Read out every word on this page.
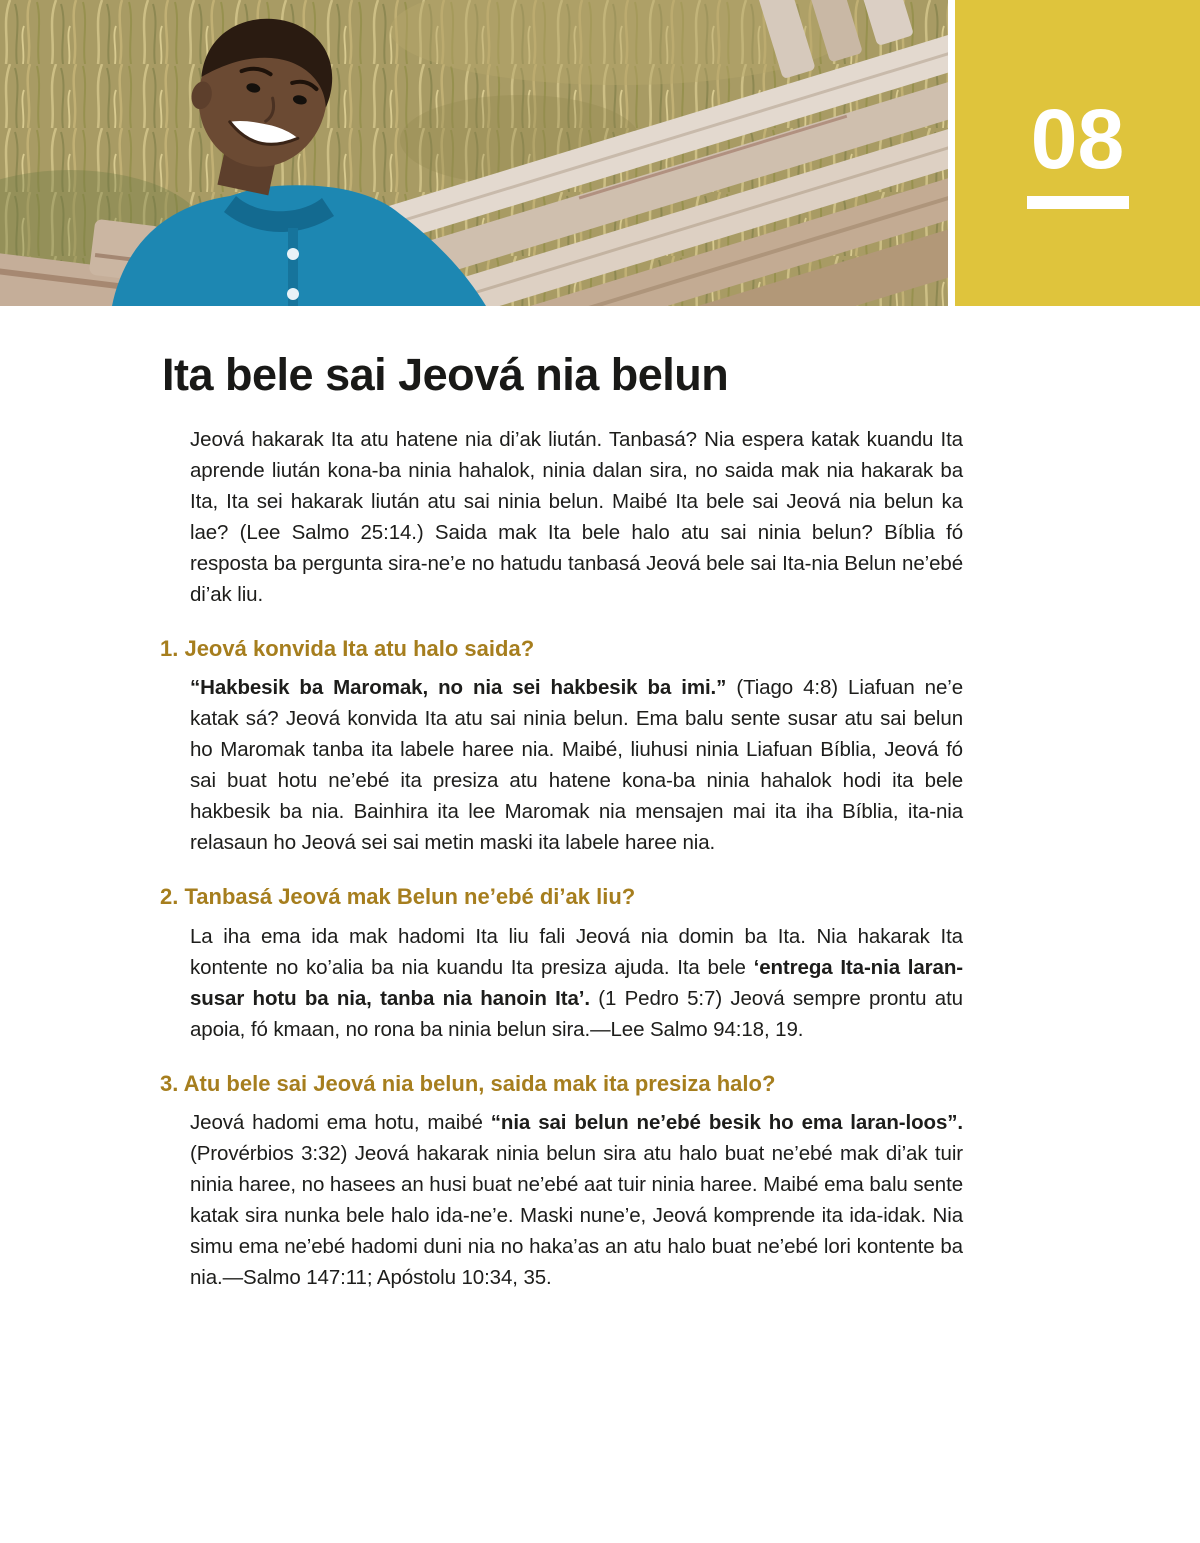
08
Ita bele sai Jeová nia belun

Jeová hakarak Ita atu hatene nia di’ak liután. Tanbasá? Nia espera katak kuandu Ita aprende liután kona-ba ninia hahalok, ninia dalan sira, no saida mak nia hakarak ba Ita, Ita sei hakarak liután atu sai ninia belun. Maibé Ita bele sai Jeová nia belun ka lae? (Lee Salmo 25:14.) Saida mak Ita bele halo atu sai ninia belun? Bíblia fó resposta ba pergunta sira-ne’e no hatudu tanbasá Jeová bele sai Ita-nia Belun ne’ebé di’ak liu.

1. Jeová konvida Ita atu halo saida?

“Hakbesik ba Maromak, no nia sei hakbesik ba imi.” (Tiago 4:8) Liafuan ne’e katak sá? Jeová konvida Ita atu sai ninia belun. Ema balu sente susar atu sai belun ho Maromak tanba ita labele haree nia. Maibé, liuhusi ninia Liafuan Bíblia, Jeová fó sai buat hotu ne’ebé ita presiza atu hatene kona-ba ninia hahalok hodi ita bele hakbesik ba nia. Bainhira ita lee Maromak nia mensajen mai ita iha Bíblia, ita-nia relasaun ho Jeová sei sai metin maski ita labele haree nia.

2. Tanbasá Jeová mak Belun ne’ebé di’ak liu?

La iha ema ida mak hadomi Ita liu fali Jeová nia domin ba Ita. Nia hakarak Ita kontente no ko’alia ba nia kuandu Ita presiza ajuda. Ita bele ‘entrega Ita-nia laran-susar hotu ba nia, tanba nia hanoin Ita’. (1 Pedro 5:7) Jeová sempre prontu atu apoia, fó kmaan, no rona ba ninia belun sira.—Lee Salmo 94:18, 19.

3. Atu bele sai Jeová nia belun, saida mak ita presiza halo?

Jeová hadomi ema hotu, maibé “nia sai belun ne’ebé besik ho ema laran-loos”. (Provérbios 3:32) Jeová hakarak ninia belun sira atu halo buat ne’ebé mak di’ak tuir ninia haree, no hasees an husi buat ne’ebé aat tuir ninia haree. Maibé ema balu sente katak sira nunka bele halo ida-ne’e. Maski nune’e, Jeová komprende ita ida-idak. Nia simu ema ne’ebé hadomi duni nia no haka’as an atu halo buat ne’ebé lori kontente ba nia.—Salmo 147:11; Apóstolu 10:34, 35.
